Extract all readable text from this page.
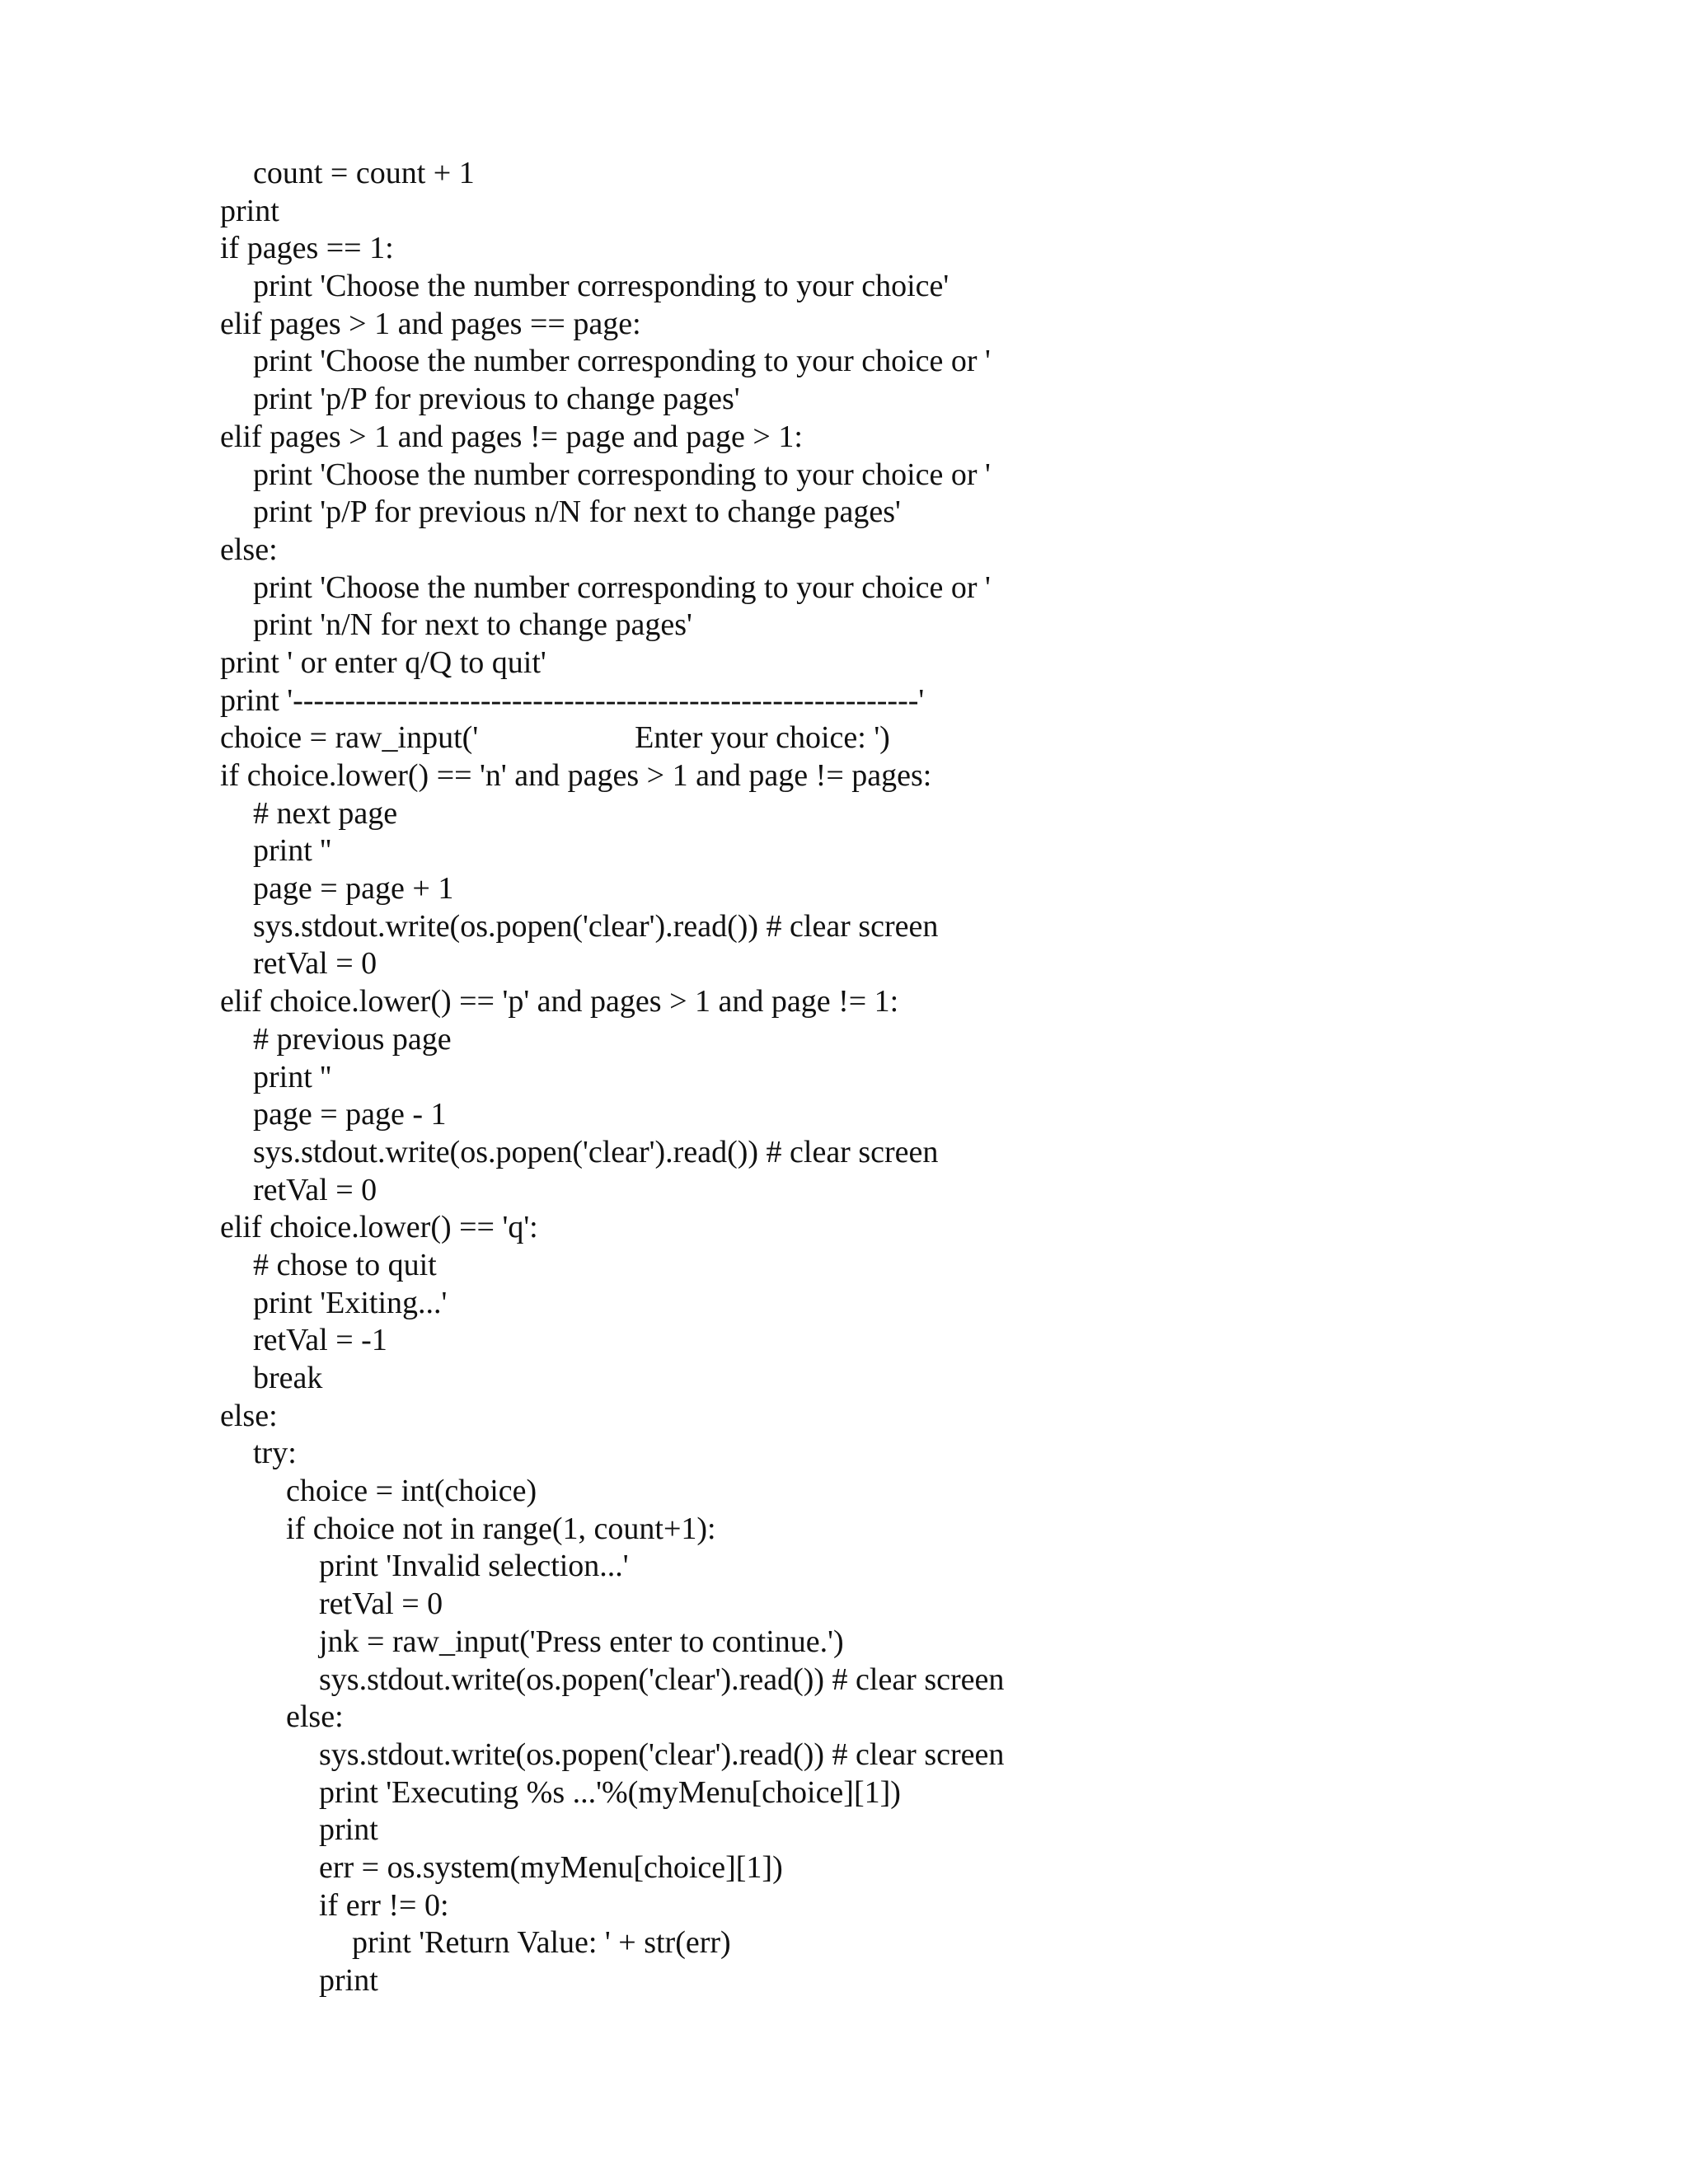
count = count + 1
print
if pages == 1:
print 'Choose the number corresponding to your choice'
elif pages > 1 and pages == page:
print 'Choose the number corresponding to your choice or '
print 'p/P for previous to change pages'
elif pages > 1 and pages != page and page > 1:
print 'Choose the number corresponding to your choice or '
print 'p/P for previous n/N for next to change pages'
else:
print 'Choose the number corresponding to your choice or '
print 'n/N for next to change pages'
print ' or enter q/Q to quit'
print '------------------------------------------------------------'
choice = raw_input('                    Enter your choice: ')
if choice.lower() == 'n' and pages > 1 and page != pages:
# next page
print ''
page = page + 1
sys.stdout.write(os.popen('clear').read()) # clear screen
retVal = 0
elif choice.lower() == 'p' and pages > 1 and page != 1:
# previous page
print ''
page = page - 1
sys.stdout.write(os.popen('clear').read()) # clear screen
retVal = 0
elif choice.lower() == 'q':
# chose to quit
print 'Exiting...'
retVal = -1
break
else:
try:
choice = int(choice)
if choice not in range(1, count+1):
print 'Invalid selection...'
retVal = 0
jnk = raw_input('Press enter to continue.')
sys.stdout.write(os.popen('clear').read()) # clear screen
else:
sys.stdout.write(os.popen('clear').read()) # clear screen
print 'Executing %s ...'%(myMenu[choice][1])
print
err = os.system(myMenu[choice][1])
if err != 0:
print 'Return Value: ' + str(err)
print
